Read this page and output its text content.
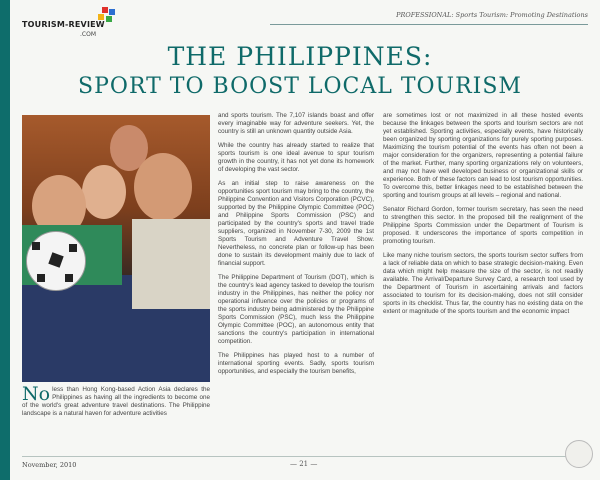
TOURISM-REVIEW
.COM
PROFESSIONAL: Sports Tourism: Promoting Destinations
THE PHILIPPINES:
SPORT TO BOOST LOCAL TOURISM
No less than Hong Kong-based Action Asia declares the Philippines as having all the ingredients to become one of the world's great adventure travel destinations. The Philippine landscape is a natural haven for adventure activities

and sports tourism. The 7,107 islands boast and offer every imaginable way for adventure seekers. Yet, the country is still an unknown quantity outside Asia.

While the country has already started to realize that sports tourism is one ideal avenue to spur tourism growth in the country, it has not yet done its homework of developing the vast sector.

As an initial step to raise awareness on the opportunities sport tourism may bring to the country, the Philippine Convention and Visitors Corporation (PCVC), supported by the Philippine Olympic Committee (POC) and Philippine Sports Commission (PSC) and participated by the country's sports and travel trade suppliers, organized in November 7-30, 2009 the 1st Sports Tourism and Adventure Travel Show. Nevertheless, no concrete plan or follow-up has been done to sustain its development mainly due to lack of financial support.

The Philippine Department of Tourism (DOT), which is the country's lead agency tasked to develop the tourism industry in the Philippines, has neither the policy nor operational influence over the policies or programs of the sports industry being administered by the Philippine Sports Commission (PSC), much less the Philippine Olympic Committee (POC), an autonomous entity that sanctions the country's participation in international competition.

The Philippines has played host to a number of international sporting events. Sadly, sports tourism opportunities, and especially the tourism benefits,

are sometimes lost or not maximized in all these hosted events because the linkages between the sports and tourism sectors are not yet established. Sporting activities, especially events, have historically been organized by sporting organizations for purely sporting purposes. Maximizing the tourism potential of the events has often not been a major consideration for the organizers, representing a potential failure of the market. Further, many sporting organizations rely on volunteers, and may not have well developed business or organizational skills or experience. Both of these factors can lead to lost tourism opportunities. To overcome this, better linkages need to be established between the sporting and tourism groups at all levels – regional and national.

Senator Richard Gordon, former tourism secretary, has seen the need to strengthen this sector. In the proposed bill the realignment of the Philippine Sports Commission under the Department of Tourism is proposed. It underscores the importance of sports competition in promoting tourism.

Like many niche tourism sectors, the sports tourism sector suffers from a lack of reliable data on which to base strategic decision-making. Even data which might help measure the size of the sector, is not readily available. The Arrival/Departure Survey Card, a research tool used by the Department of Tourism in ascertaining arrivals and factors associated to tourism for its decision-making, does not still consider sports in its checklist. Thus far, the country has no existing data on the extent or magnitude of the sports tourism and the economic impact

November, 2010	— 21 —
